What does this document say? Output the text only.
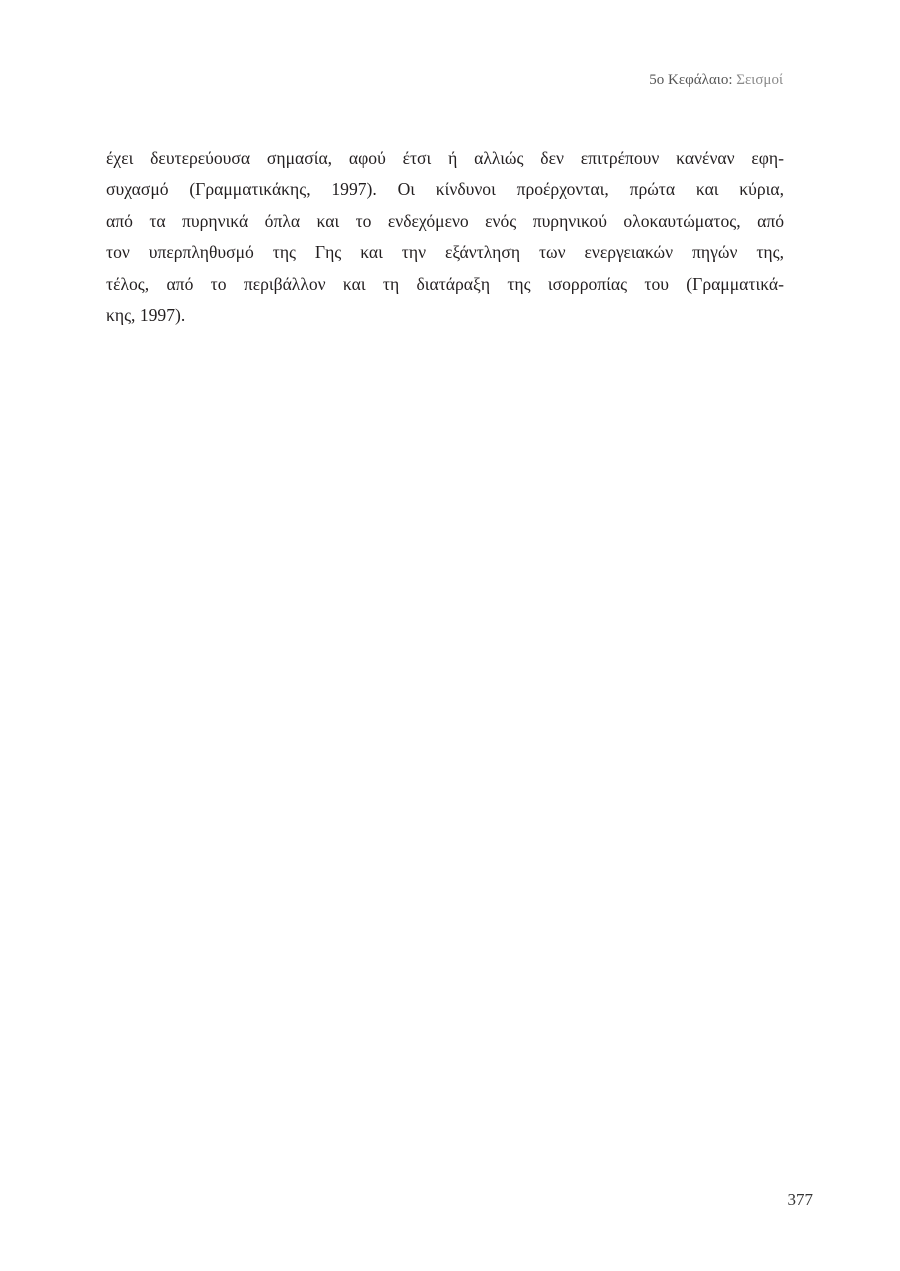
5ο Κεφάλαιο: Σεισμοί
έχει δευτερεύουσα σημασία, αφού έτσι ή αλλιώς δεν επιτρέπουν κανέναν εφη-
συχασμό (Γραμματικάκης, 1997). Οι κίνδυνοι προέρχονται, πρώτα και κύρια,
από τα πυρηνικά όπλα και το ενδεχόμενο ενός πυρηνικού ολοκαυτώματος, από
τον υπερπληθυσμό της Γης και την εξάντληση των ενεργειακών πηγών της,
τέλος, από το περιβάλλον και τη διατάραξη της ισορροπίας του (Γραμματικά-
κης, 1997).
377
